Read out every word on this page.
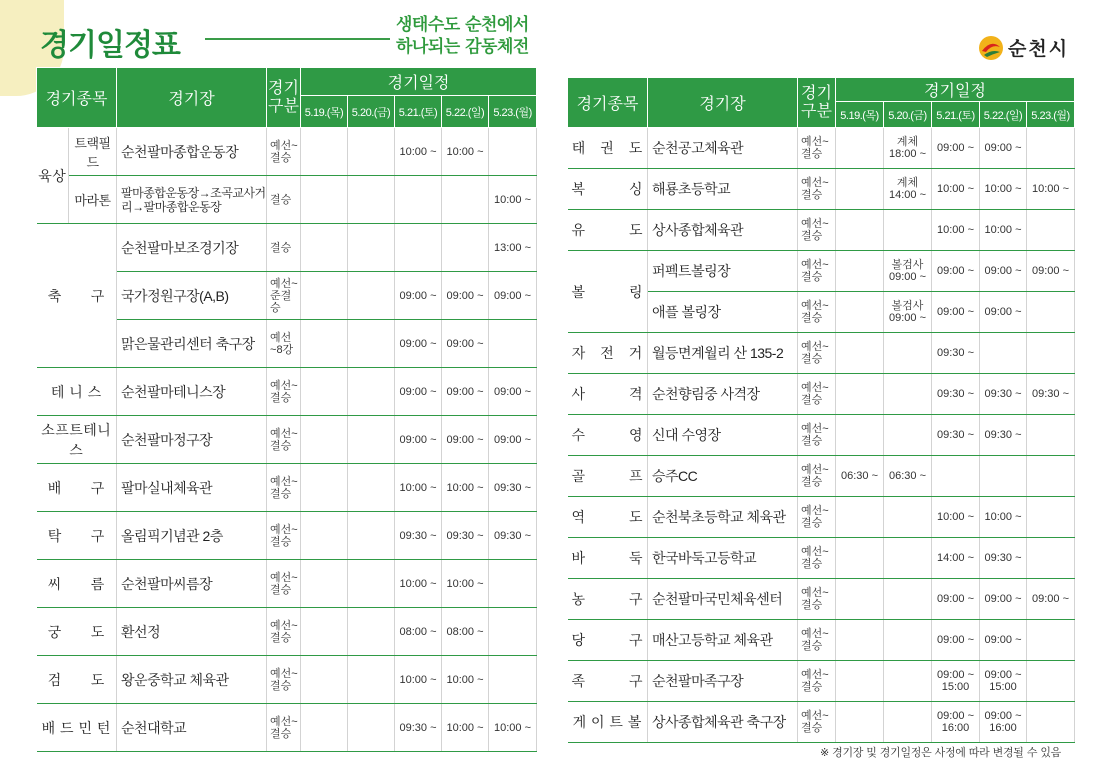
경기일정표
생태수도 순천에서
하나되는 감동체전	순천시
경기종목		경기장	경기
구분	경기일정				
				5.19.(목)	5.20.(금)	5.21.(토)	5.22.(일)	5.23.(월)
육상	트랙필드	순천팔마종합운동장	예선~결승			10:00 ~	10:00 ~	
	마라톤	팔마종합운동장→조곡교사거리→팔마종합운동장	결승					10:00 ~
축　　구		순천팔마보조경기장	결승					13:00 ~
		국가정원구장(A,B)	예선~준결승			09:00 ~	09:00 ~	09:00 ~
		맑은물관리센터 축구장	예선~8강			09:00 ~	09:00 ~	
테 니 스		순천팔마테니스장	예선~결승			09:00 ~	09:00 ~	09:00 ~
소프트테니스		순천팔마정구장	예선~결승			09:00 ~	09:00 ~	09:00 ~
배　　구		팔마실내체육관	예선~결승			10:00 ~	10:00 ~	09:30 ~
탁　　구		올림픽기념관 2층	예선~결승			09:30 ~	09:30 ~	09:30 ~
씨　　름		순천팔마씨름장	예선~결승			10:00 ~	10:00 ~	
궁　　도		환선정	예선~결승			08:00 ~	08:00 ~	
검　　도		왕운중학교 체육관	예선~결승			10:00 ~	10:00 ~	
배 드 민 턴		순천대학교	예선~결승			09:30 ~	10:00 ~	10:00 ~
경기종목	경기장	경기
구분	경기일정				
			5.19.(목)	5.20.(금)	5.21.(토)	5.22.(일)	5.23.(월)
태　권　도	순천공고체육관	예선~결승		계체 18:00 ~	09:00 ~	09:00 ~	
복　　　싱	해룡초등학교	예선~결승		계체 14:00 ~	10:00 ~	10:00 ~	10:00 ~
유　　　도	상사종합체육관	예선~결승			10:00 ~	10:00 ~	
볼　　　링	퍼펙트볼링장	예선~결승		볼검사 09:00 ~	09:00 ~	09:00 ~	09:00 ~
	애플 볼링장	예선~결승		볼검사 09:00 ~	09:00 ~	09:00 ~	
자　전　거	월등면계월리 산 135-2	예선~결승			09:30 ~		
사　　　격	순천향림중 사격장	예선~결승			09:30 ~	09:30 ~	09:30 ~
수　　　영	신대 수영장	예선~결승			09:30 ~	09:30 ~	
골　　　프	승주CC	예선~결승	06:30 ~	06:30 ~			
역　　　도	순천북초등학교 체육관	예선~결승			10:00 ~	10:00 ~	
바　　　둑	한국바둑고등학교	예선~결승			14:00 ~	09:30 ~	
농　　　구	순천팔마국민체육센터	예선~결승			09:00 ~	09:00 ~	09:00 ~
당　　　구	매산고등학교 체육관	예선~결승			09:00 ~	09:00 ~	
족　　　구	순천팔마족구장	예선~결승			09:00 ~ 15:00	09:00 ~ 15:00	
게 이 트 볼	상사종합체육관 축구장	예선~결승			09:00 ~ 16:00	09:00 ~ 16:00	
※ 경기장 및 경기일정은 사정에 따라 변경될 수 있음
